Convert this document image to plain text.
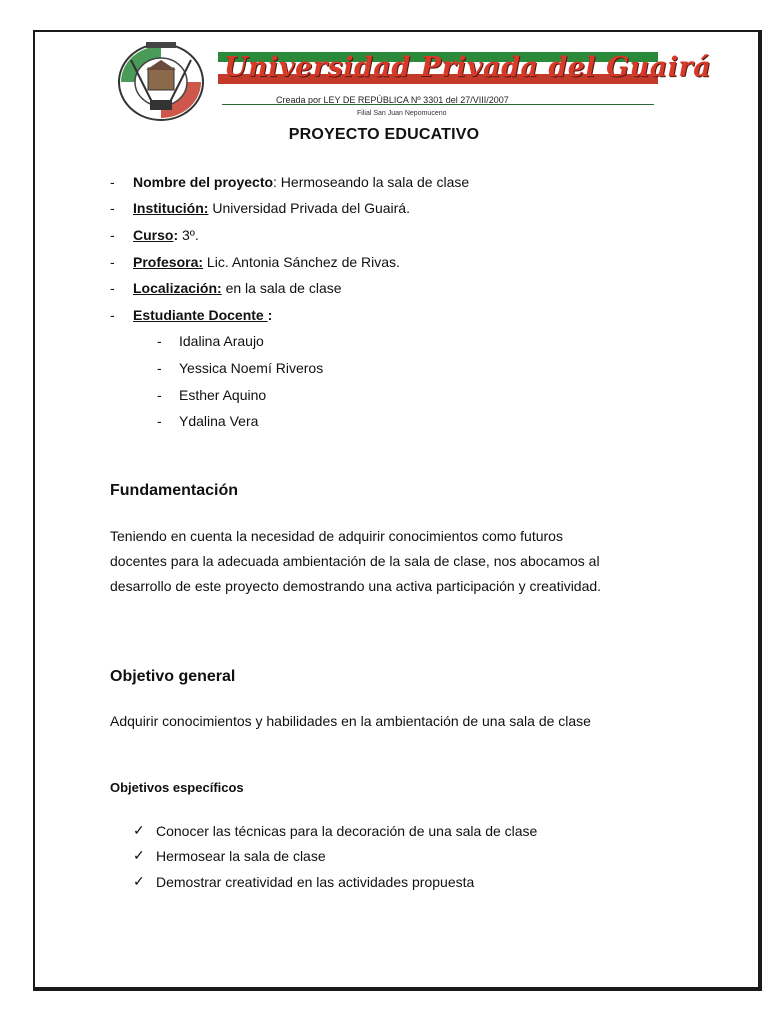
Universidad Privada del Guairá
Creada por LEY DE REPÚBLICA Nº 3301 del 27/VIII/2007
Filial San Juan Nepomuceno
PROYECTO EDUCATIVO
- Nombre del proyecto: Hermoseando la sala de clase
- Institución: Universidad Privada del Guairá.
- Curso: 3º.
- Profesora: Lic. Antonia Sánchez de Rivas.
- Localización: en la sala de clase
- Estudiante Docente :
- Idalina Araujo
- Yessica Noemí Riveros
- Esther Aquino
- Ydalina Vera
Fundamentación
Teniendo en cuenta la necesidad de adquirir conocimientos como futuros
docentes para la adecuada ambientación de la sala de clase, nos abocamos al
desarrollo de este proyecto demostrando una activa participación y creatividad.
Objetivo general
Adquirir conocimientos y habilidades en la ambientación de una sala de clase
Objetivos específicos
✓ Conocer las técnicas para la decoración de una sala de clase
✓ Hermosear la sala de clase
✓ Demostrar creatividad en las actividades propuesta
